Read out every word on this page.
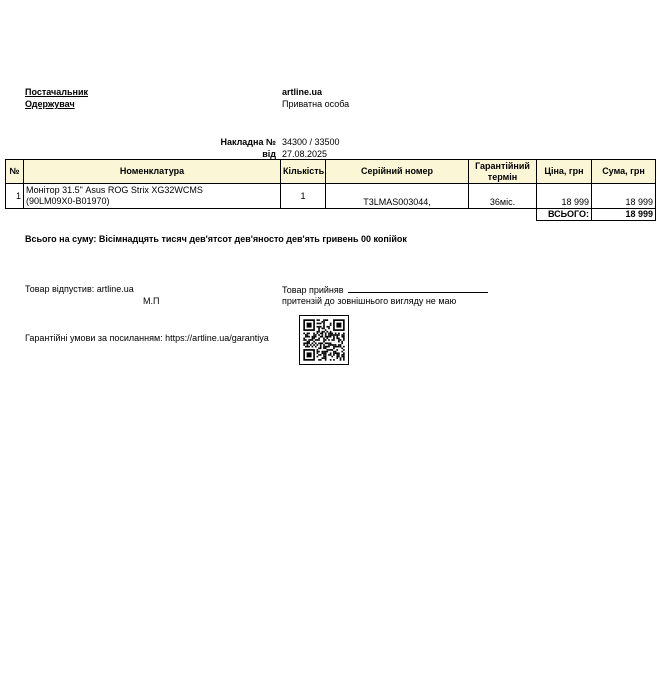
Постачальник	artline.ua
Одержувач	Приватна особа
Накладна № 34300 / 33500
від 27.08.2025
№	Номенклатура	Кількість	Серійний номер	Гарантійний
термін	Ціна, грн	Сума, грн
1	Монітор 31.5" Asus ROG Strix XG32WCMS
(90LM09X0-B01970)	1	T3LMAS003044,	36міс.	18 999	18 999
					ВСЬОГО:	18 999
Всього на суму: Вісімнадцять тисяч дев'ятсот дев'яносто дев'ять гривень 00 копійок
Товар відпустив: artline.ua
М.П
Товар прийняв
притензій до зовнішнього вигляду не маю
Гарантійні умови за посиланням: https://artline.ua/garantiya
